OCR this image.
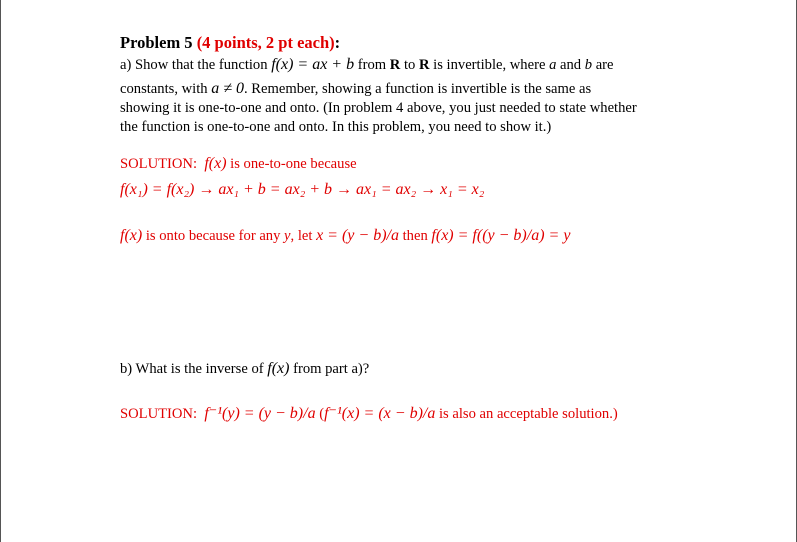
Problem 5 (4 points, 2 pt each):
a) Show that the function f(x) = ax + b from R to R is invertible, where a and b are
constants, with a ≠ 0. Remember, showing a function is invertible is the same as
showing it is one-to-one and onto. (In problem 4 above, you just needed to state whether
the function is one-to-one and onto. In this problem, you need to show it.)
SOLUTION: f(x) is one-to-one because
f(x₁) = f(x₂) → ax₁ + b = ax₂ + b → ax₁ = ax₂ → x₁ = x₂
f(x) is onto because for any y, let x = (y − b)/a then f(x) = f((y − b)/a) = y
b) What is the inverse of f(x) from part a)?
SOLUTION: f⁻¹(y) = (y − b)/a (f⁻¹(x) = (x − b)/a is also an acceptable solution.)
